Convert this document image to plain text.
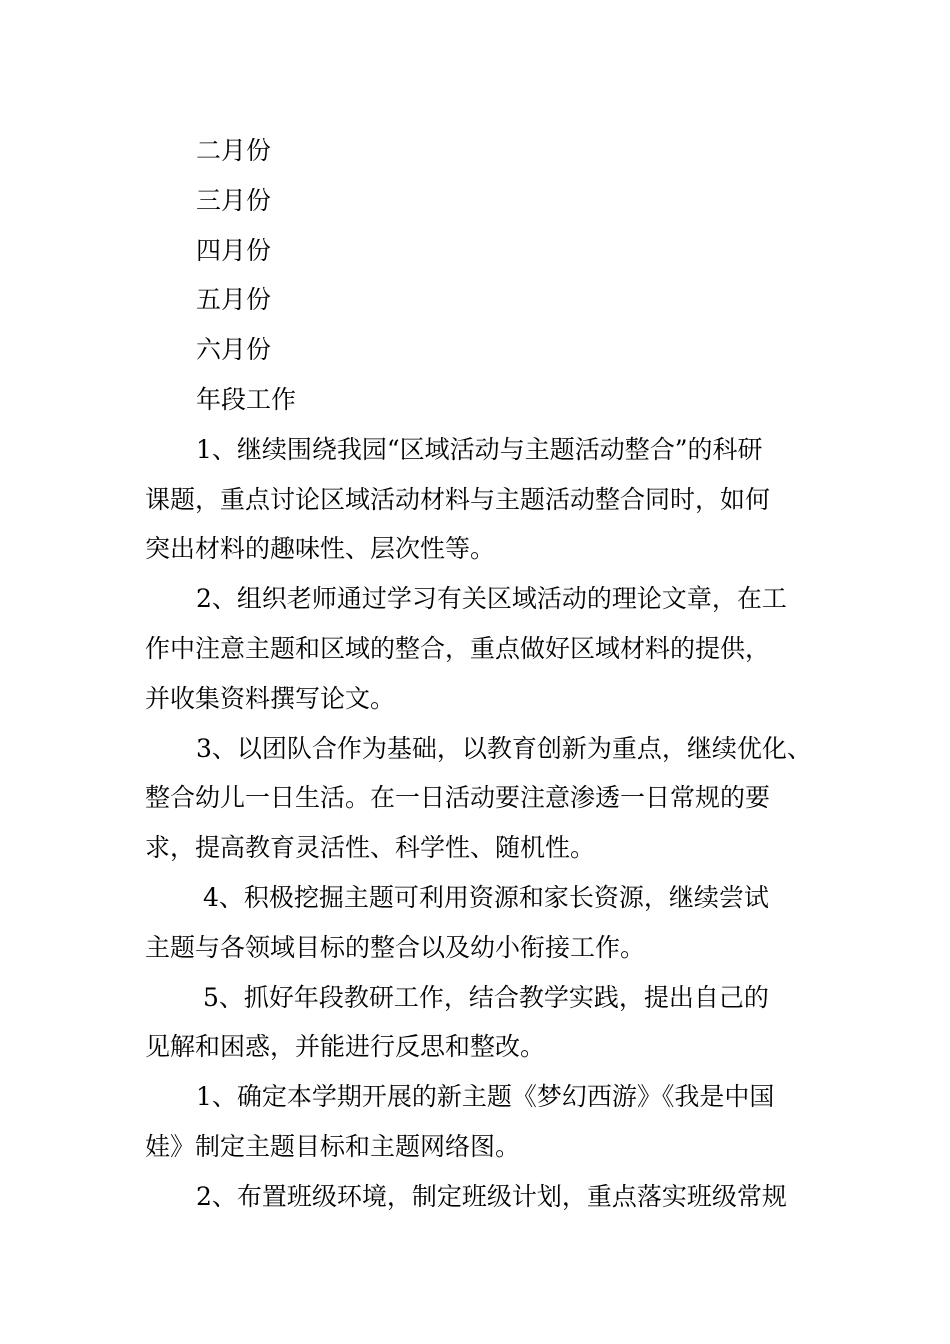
二月份
三月份
四月份
五月份
六月份
年段工作
1、继续围绕我园“区域活动与主题活动整合”的科研
课题，重点讨论区域活动材料与主题活动整合同时，如何
突出材料的趣味性、层次性等。
2、组织老师通过学习有关区域活动的理论文章，在工
作中注意主题和区域的整合，重点做好区域材料的提供，
并收集资料撰写论文。
3、以团队合作为基础，以教育创新为重点，继续优化、
整合幼儿一日生活。在一日活动要注意渗透一日常规的要
求，提高教育灵活性、科学性、随机性。
4、积极挖掘主题可利用资源和家长资源，继续尝试
主题与各领域目标的整合以及幼小衔接工作。
5、抓好年段教研工作，结合教学实践，提出自己的
见解和困惑，并能进行反思和整改。
1、确定本学期开展的新主题《梦幻西游》《我是中国
娃》制定主题目标和主题网络图。
2、布置班级环境，制定班级计划，重点落实班级常规
